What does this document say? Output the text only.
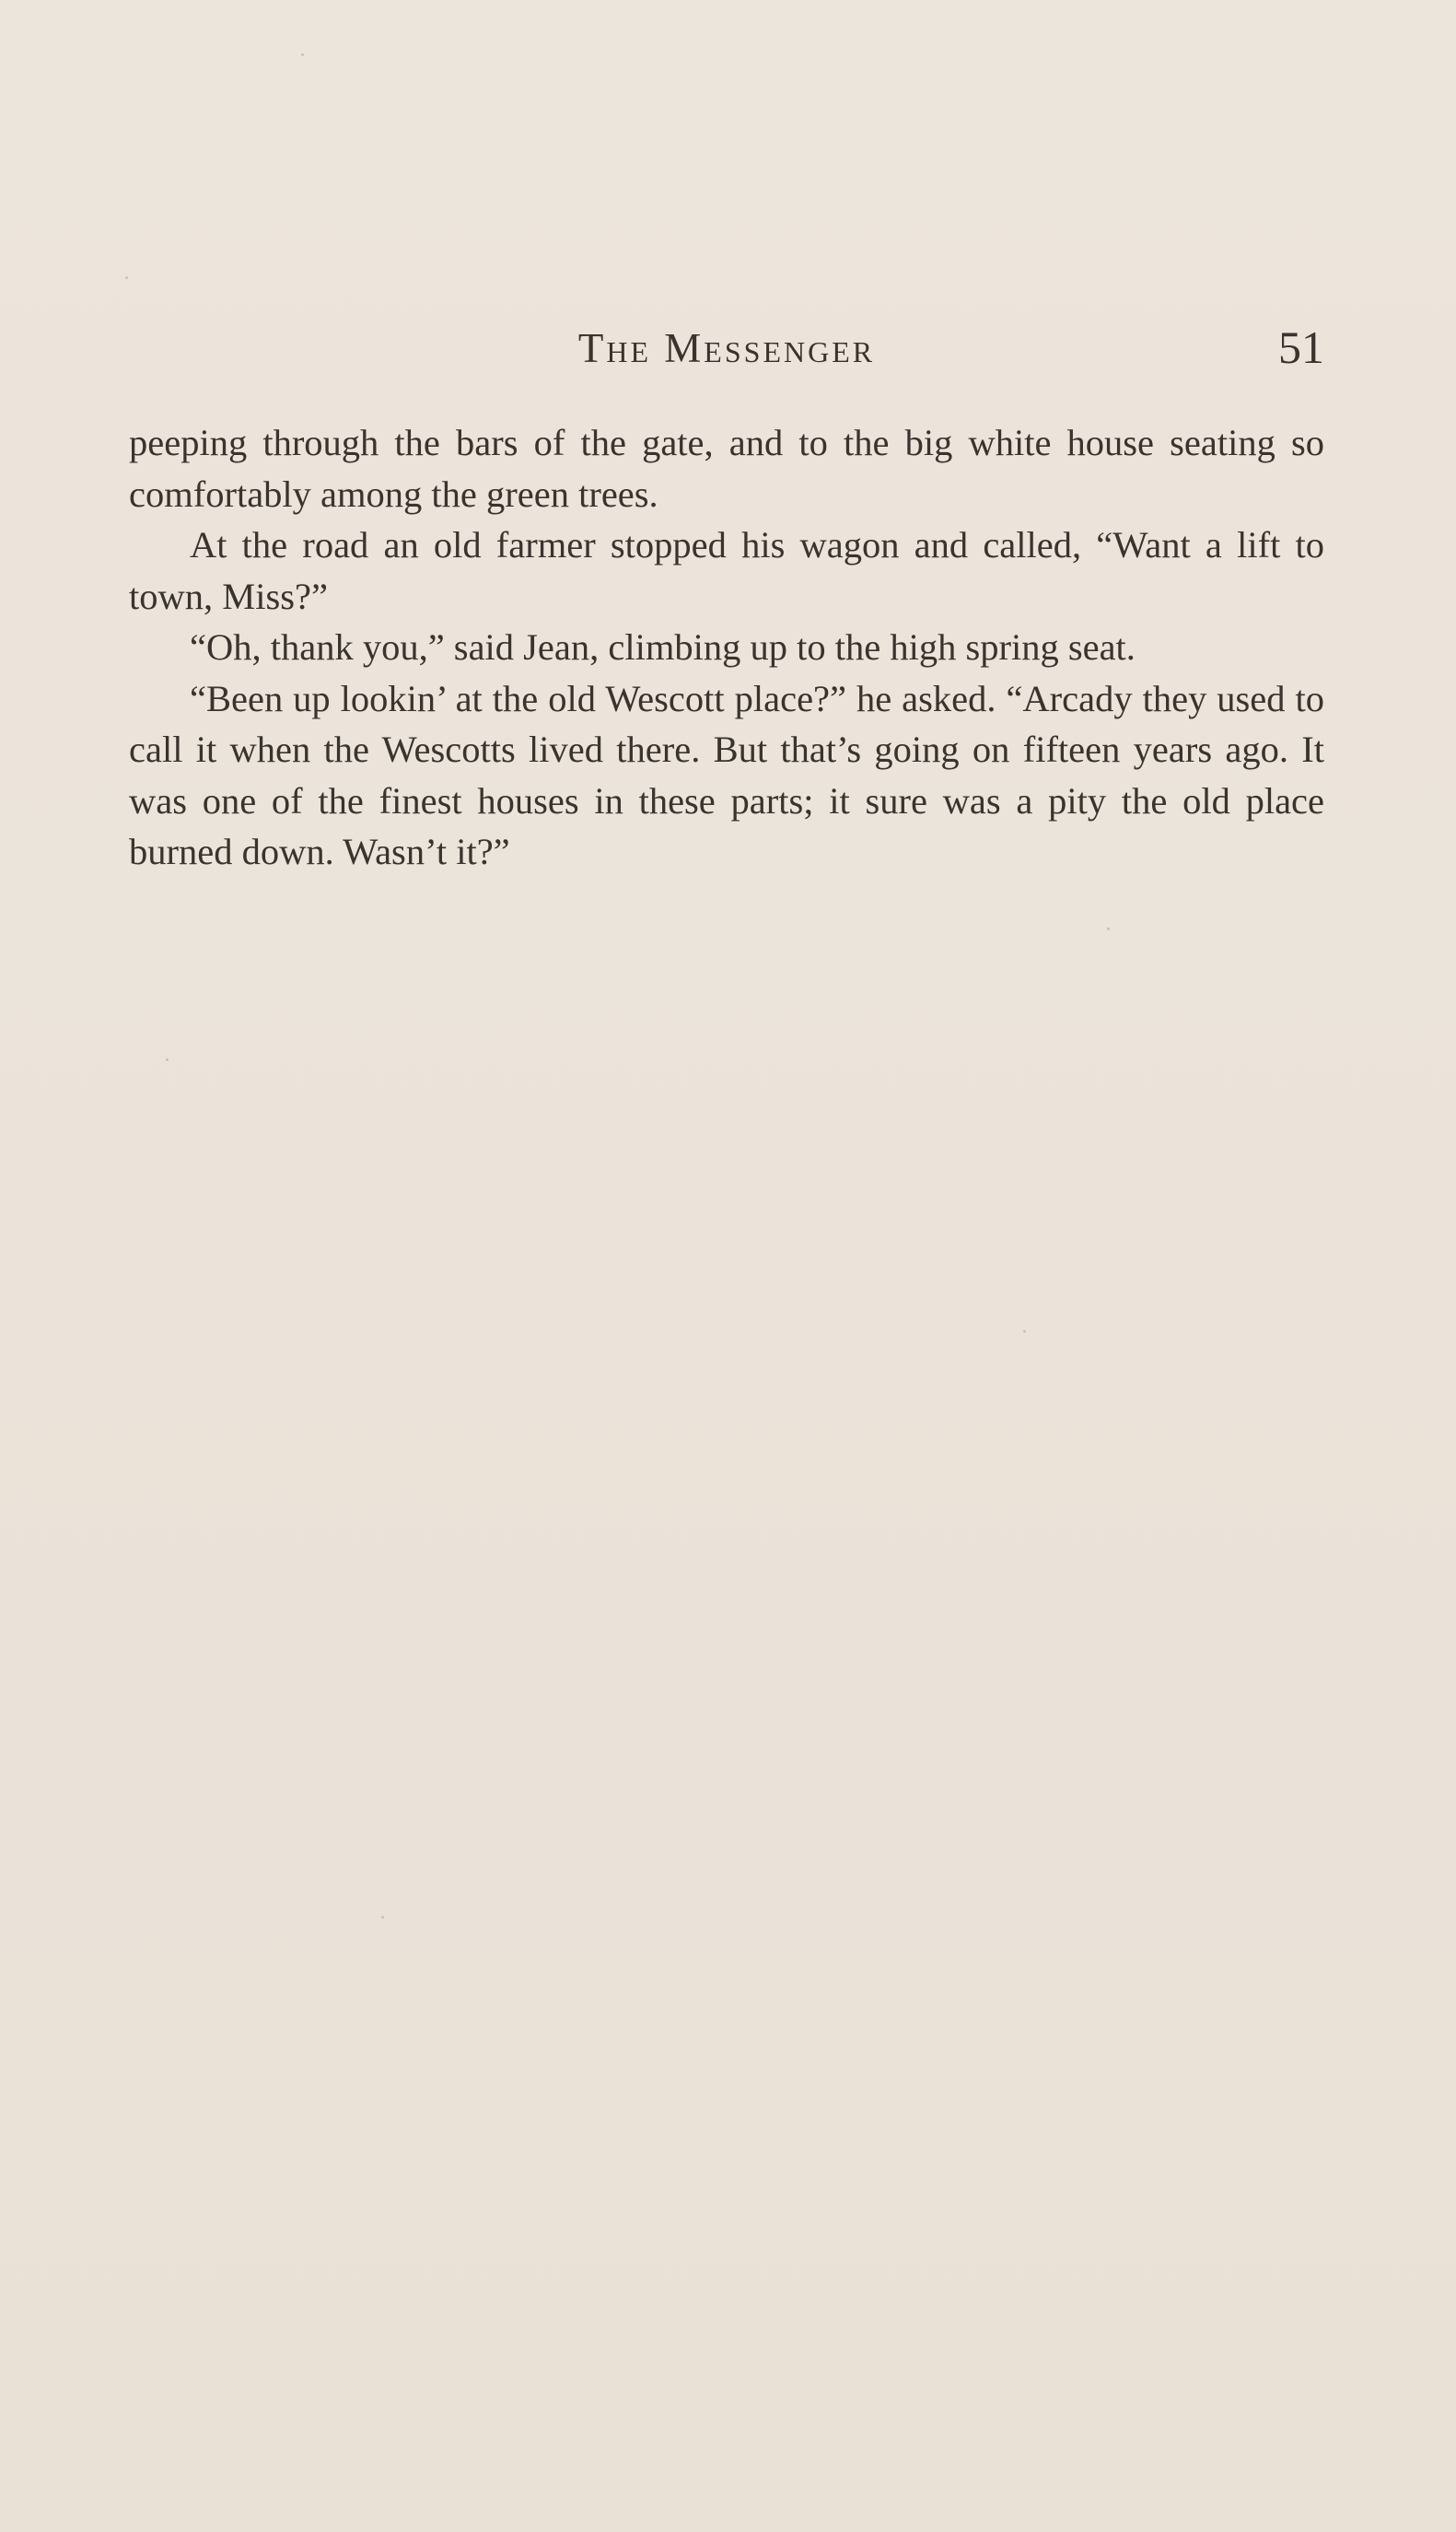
The Messenger	51

peeping through the bars of the gate, and to the big white house seating so comfortably among the green trees.

At the road an old farmer stopped his wagon and called, “Want a lift to town, Miss?”

“Oh, thank you,” said Jean, climbing up to the high spring seat.

“Been up lookin’ at the old Wescott place?” he asked. “Arcady they used to call it when the Wescotts lived there. But that’s going on fifteen years ago. It was one of the finest houses in these parts; it sure was a pity the old place burned down. Wasn’t it?”
